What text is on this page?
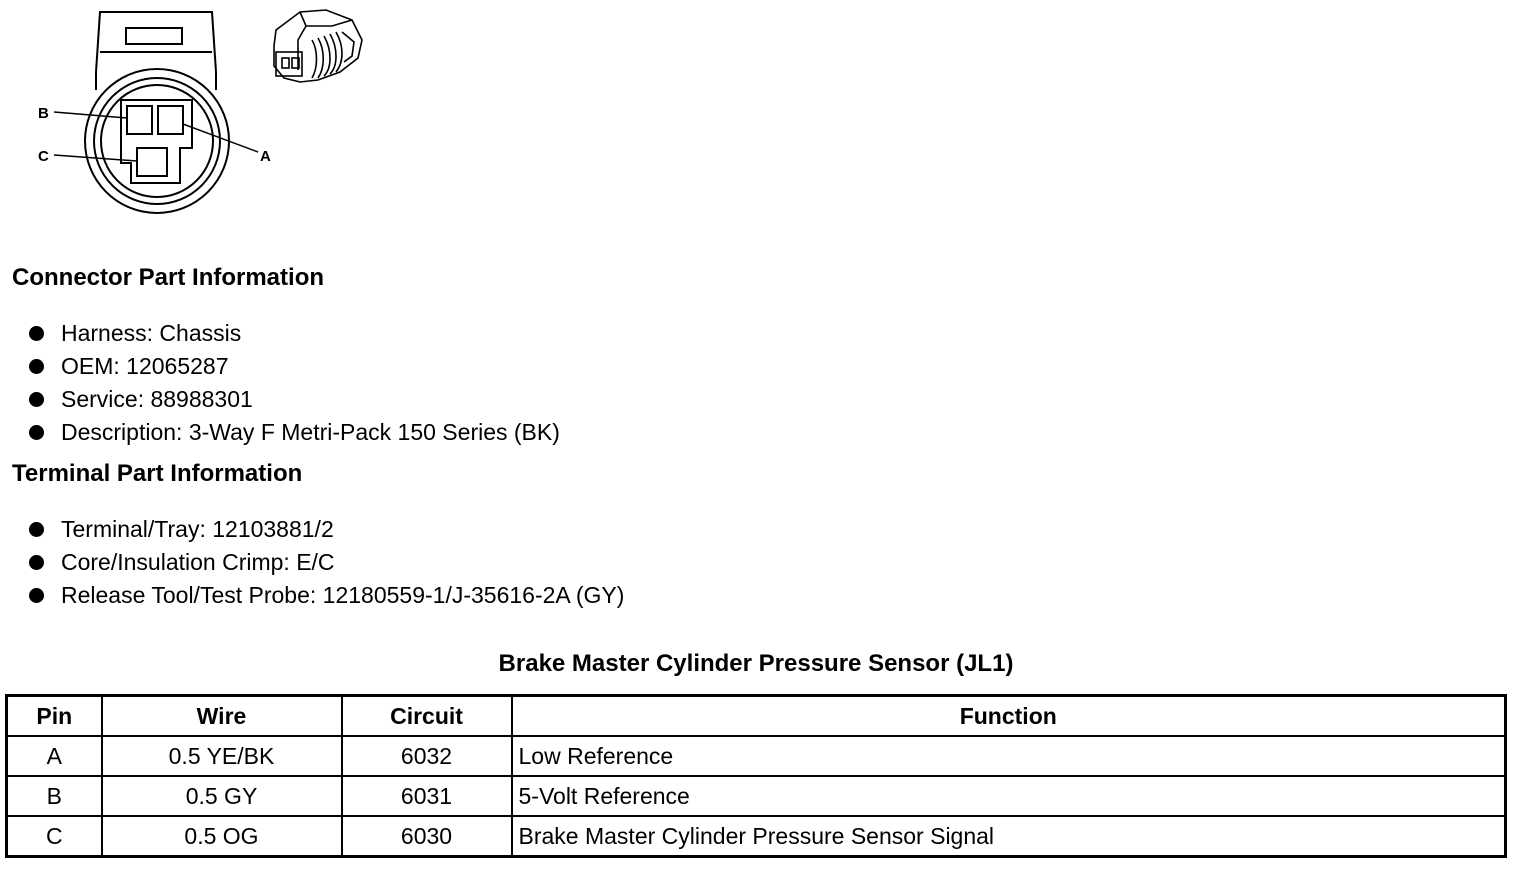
B
C	A
Connector Part Information
Harness: Chassis
OEM: 12065287
Service: 88988301
Description: 3-Way F Metri-Pack 150 Series (BK)
Terminal Part Information
Terminal/Tray: 12103881/2
Core/Insulation Crimp: E/C
Release Tool/Test Probe: 12180559-1/J-35616-2A (GY)
Brake Master Cylinder Pressure Sensor (JL1)
Pin	Wire	Circuit	Function
A	0.5 YE/BK	6032	Low Reference
B	0.5 GY	6031	5-Volt Reference
C	0.5 OG	6030	Brake Master Cylinder Pressure Sensor Signal
